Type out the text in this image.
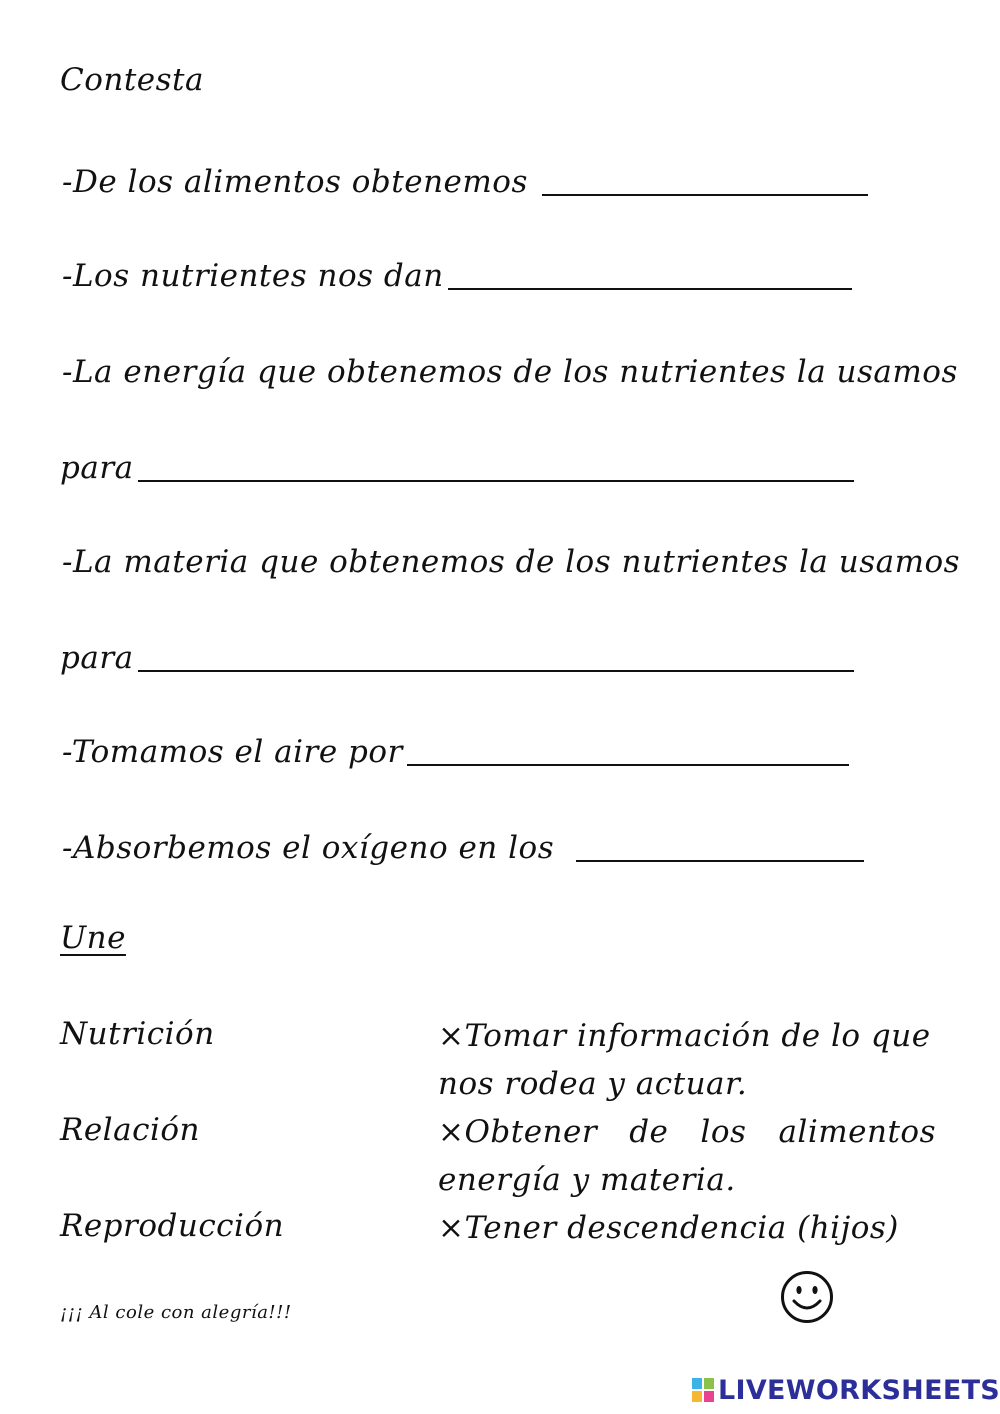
Contesta
-De los alimentos obtenemos
-Los nutrientes nos dan
-La energía que obtenemos de los nutrientes la usamos
para
-La materia que obtenemos de los nutrientes la usamos
para
-Tomamos el aire por
-Absorbemos el oxígeno en los
Une
Nutrición
Relación
Reproducción
×Tomar información de lo que nos rodea y actuar.
×Obtener de los alimentos energía y materia.
×Tener descendencia (hijos)
¡¡¡ Al cole con alegría!!!
LIVEWORKSHEETS
